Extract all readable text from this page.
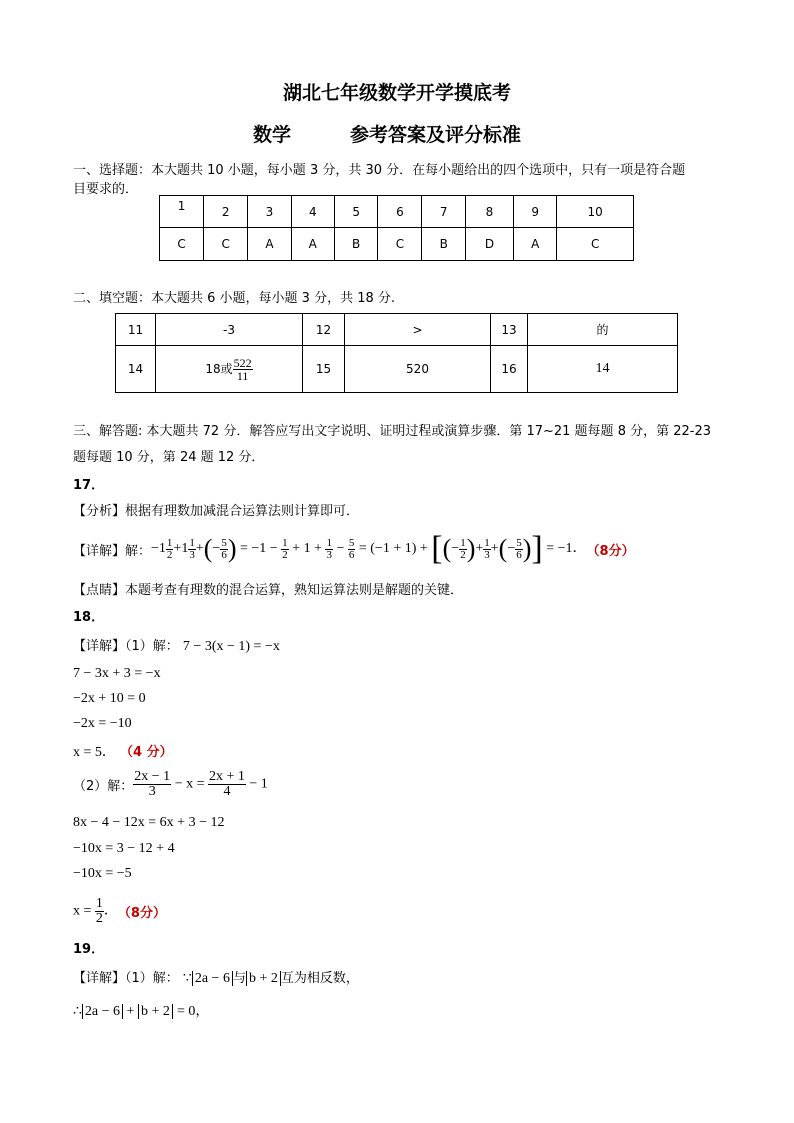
湖北七年级数学开学摸底考
数学	参考答案及评分标准
一、选择题：本大题共 10 小题，每小题 3 分，共 30 分．在每小题给出的四个选项中，只有一项是符合题
目要求的．
1	2	3	4	5	6	7	8	9	10
C	C	A	A	B	C	B	D	A	C
二、填空题：本大题共 6 小题，每小题 3 分，共 18 分.
11	-3	12	>	13	的
14	18或 $\frac{522}{11}$	15	520	16	14
三、解答题: 本大题共 72 分．解答应写出文字说明、证明过程或演算步骤．第 17~21 题每题 8 分，第 22-23
题每题 10 分，第 24 题 12 分．
17．
【分析】根据有理数加减混合运算法则计算即可．
【详解】解： $-1 \frac{1}{2} +1 \frac{1}{3}$ +(− $\frac{5}{6}$ ) = $-1 - \frac{1}{2} + 1 + \frac{1}{3} - \frac{5}{6} = (-1 + 1)$ + [(− $\frac{1}{2}$ )+ $\frac{1}{3}$ +(− $\frac{5}{6}$ )] = −1． （8分）
【点睛】本题考查有理数的混合运算，熟知运算法则是解题的关键．
18．
【详解】（1）解： 7 − 3(x − 1) = −x
7 − 3x + 3 = −x
−2x + 10 = 0
−2x = −10
x = 5． （4 分）
（2）解： $\frac{2x - 1}{3} - x = \frac{2x + 1}{4} - 1$
8x − 4 − 12x = 6x + 3 − 12
−10x = 3 − 12 + 4
−10x = −5
$x = \frac{1}{2}$ ． （8分）
19．
【详解】（1）解： ∵ 2a − 6 与 b + 2 互为相反数，
∴ 2a − 6 + b + 2 = 0，
